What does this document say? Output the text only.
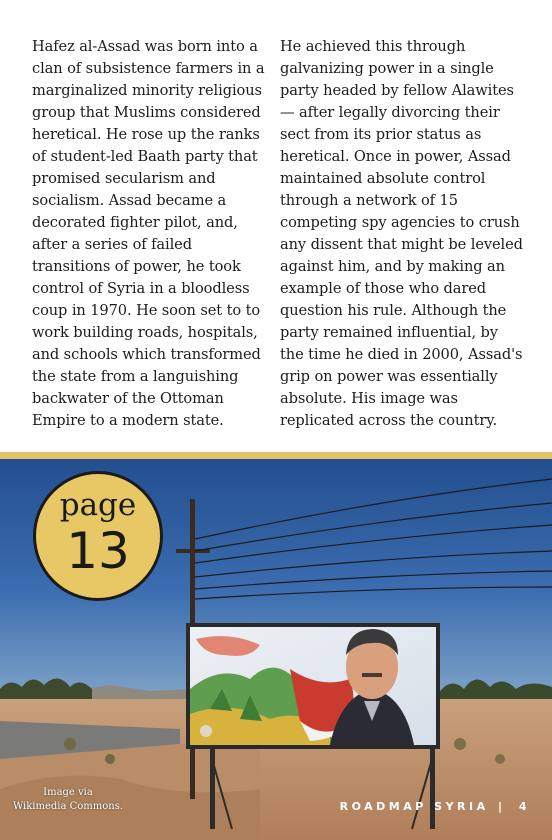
Hafez al-Assad was born into a

clan of subsistence farmers in a

marginalized minority religious

group that Muslims considered

heretical. He rose up the ranks

of student-led Baath party that

promised secularism and

socialism. Assad became a

decorated fighter pilot, and,

after a series of failed

transitions of power, he took

control of Syria in a bloodless

coup in 1970. He soon set to to

work building roads, hospitals,

and schools which transformed

the state from a languishing

backwater of the Ottoman

Empire to a modern state.

He achieved this through

galvanizing power in a single

party headed by fellow Alawites

— after legally divorcing their

sect from its prior status as

heretical. Once in power, Assad

maintained absolute control

through a network of 15

competing spy agencies to crush

any dissent that might be leveled

against him, and by making an

example of those who dared

question his rule. Although the

party remained influential, by

the time he died in 2000, Assad's

grip on power was essentially

absolute. His image was

replicated across the country.

page
13
Image via
Wikimedia Commons.	ROADMAP SYRIA | 4
